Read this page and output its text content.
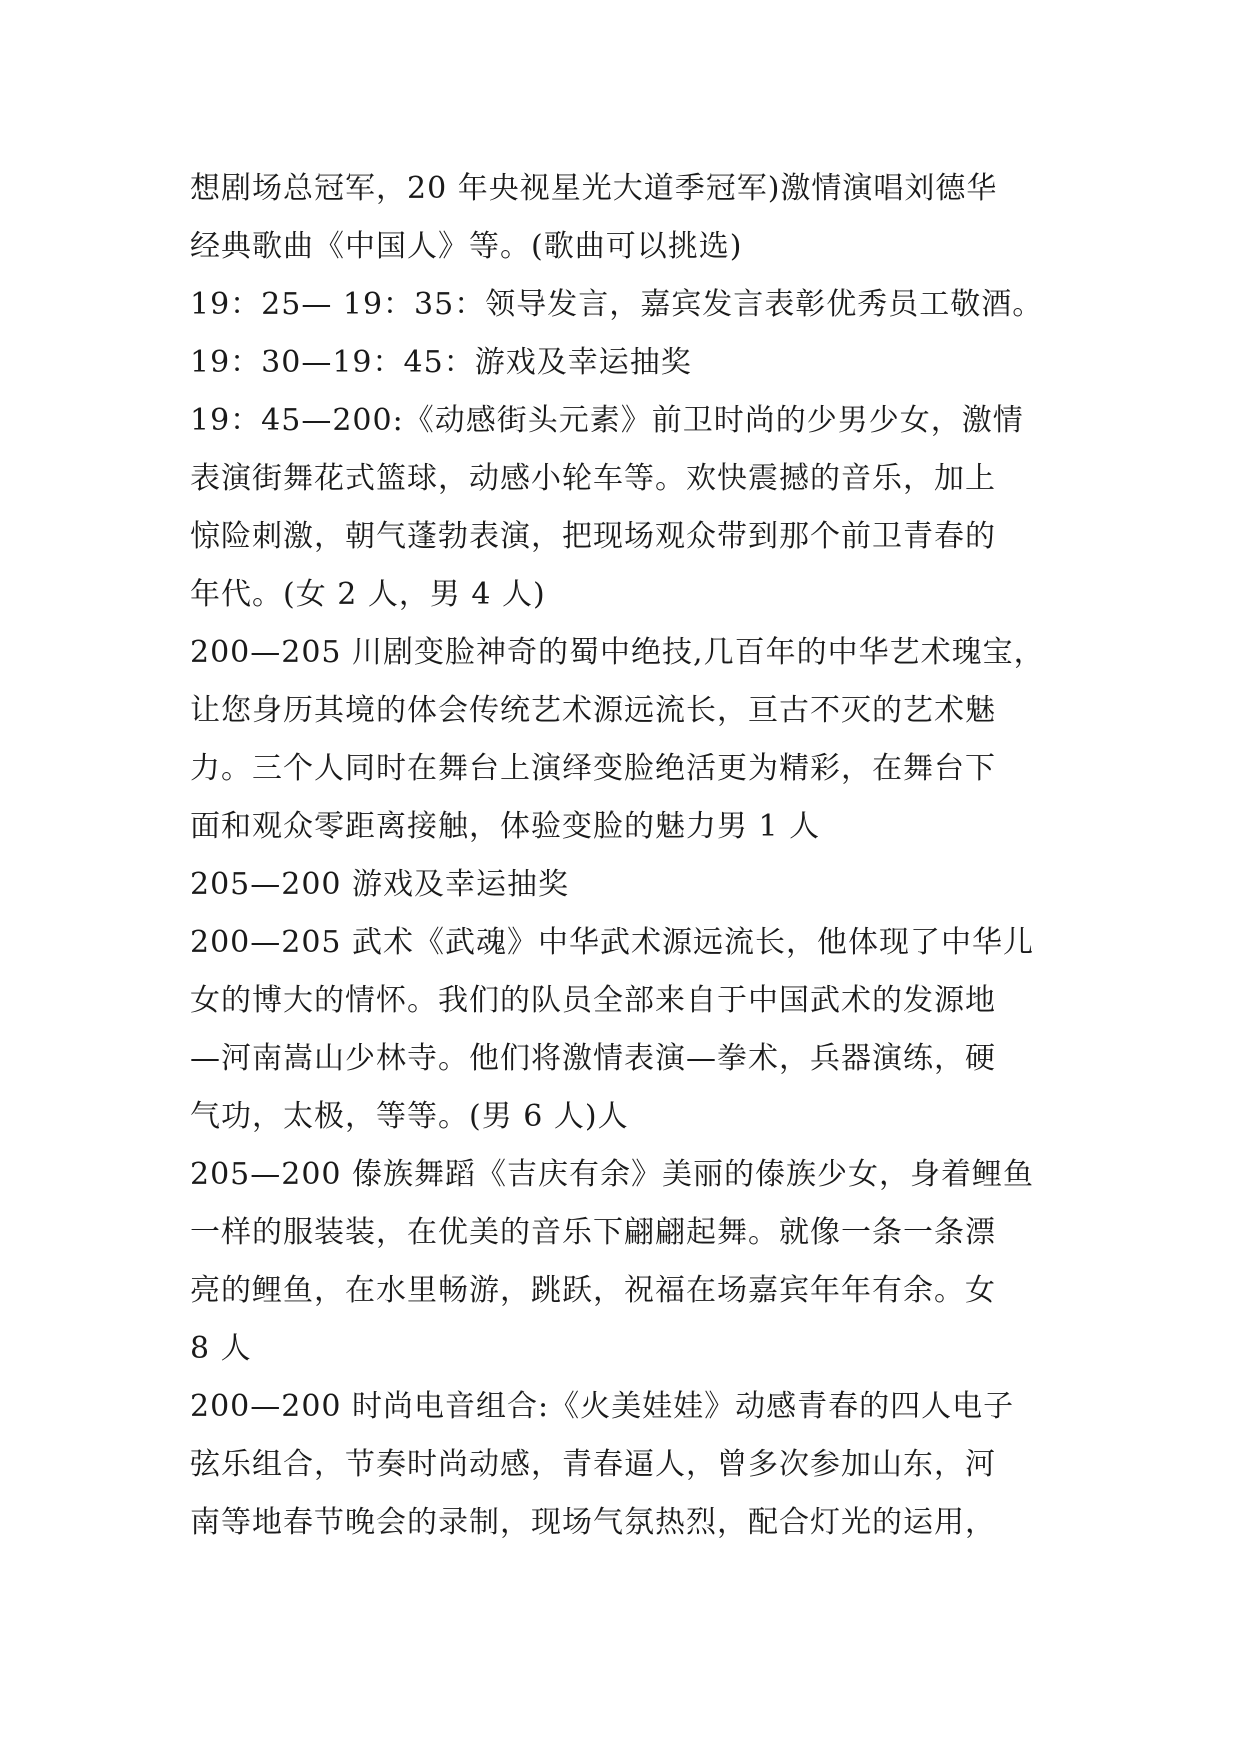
想剧场总冠军，20 年央视星光大道季冠军)激情演唱刘德华
经典歌曲《中国人》等。(歌曲可以挑选)
19：25— 19：35：领导发言，嘉宾发言表彰优秀员工敬酒。
19：30—19：45：游戏及幸运抽奖
19：45—200:《动感街头元素》前卫时尚的少男少女，激情
表演街舞花式篮球，动感小轮车等。欢快震撼的音乐，加上
惊险刺激，朝气蓬勃表演，把现场观众带到那个前卫青春的
年代。(女 2 人，男 4 人)
200—205 川剧变脸神奇的蜀中绝技,几百年的中华艺术瑰宝，
让您身历其境的体会传统艺术源远流长，亘古不灭的艺术魅
力。三个人同时在舞台上演绎变脸绝活更为精彩，在舞台下
面和观众零距离接触，体验变脸的魅力男 1 人
205—200 游戏及幸运抽奖
200—205 武术《武魂》中华武术源远流长，他体现了中华儿
女的博大的情怀。我们的队员全部来自于中国武术的发源地
—河南嵩山少林寺。他们将激情表演—拳术，兵器演练，硬
气功，太极，等等。(男 6 人)人
205—200 傣族舞蹈《吉庆有余》美丽的傣族少女，身着鲤鱼
一样的服装装，在优美的音乐下翩翩起舞。就像一条一条漂
亮的鲤鱼，在水里畅游，跳跃，祝福在场嘉宾年年有余。女
8 人
200—200 时尚电音组合:《火美娃娃》动感青春的四人电子
弦乐组合，节奏时尚动感，青春逼人，曾多次参加山东，河
南等地春节晚会的录制，现场气氛热烈，配合灯光的运用，
